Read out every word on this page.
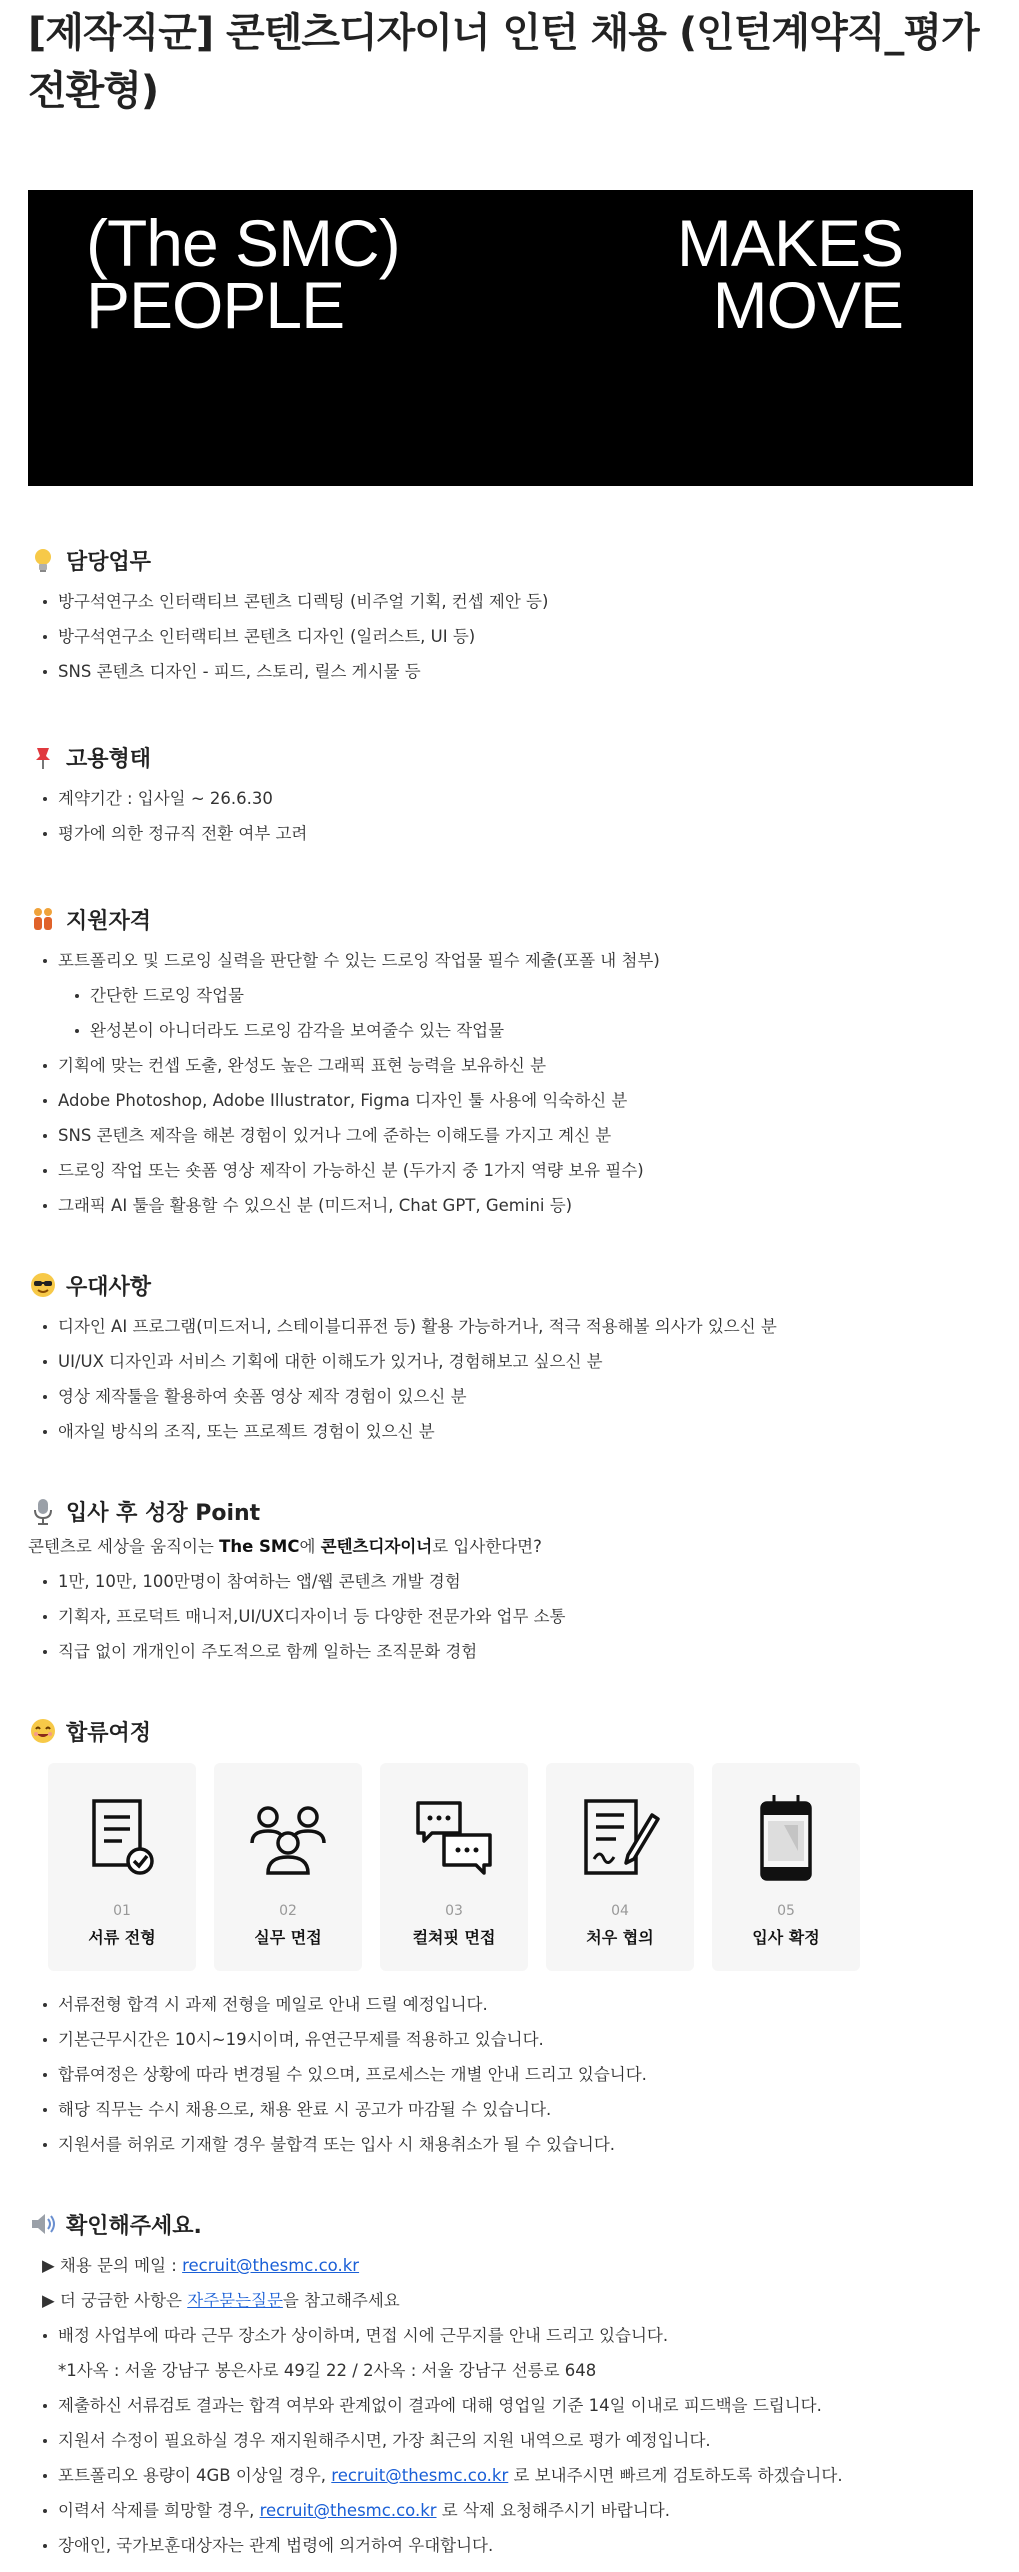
[제작직군] 콘텐츠디자이너 인턴 채용 (인턴계약직_평가전환형)
(The SMC)
PEOPLE
MAKES
MOVE
담당업무
방구석연구소 인터랙티브 콘텐츠 디렉팅 (비주얼 기획, 컨셉 제안 등)
방구석연구소 인터랙티브 콘텐츠 디자인 (일러스트, UI 등)
SNS 콘텐츠 디자인 - 피드, 스토리, 릴스 게시물 등
고용형태
계약기간 : 입사일 ~ 26.6.30
평가에 의한 정규직 전환 여부 고려
지원자격
포트폴리오 및 드로잉 실력을 판단할 수 있는 드로잉 작업물 필수 제출(포폴 내 첨부)
간단한 드로잉 작업물
완성본이 아니더라도 드로잉 감각을 보여줄수 있는 작업물
기획에 맞는 컨셉 도출, 완성도 높은 그래픽 표현 능력을 보유하신 분
Adobe Photoshop, Adobe Illustrator, Figma 디자인 툴 사용에 익숙하신 분
SNS 콘텐츠 제작을 해본 경험이 있거나 그에 준하는 이해도를 가지고 계신 분
드로잉 작업 또는 숏폼 영상 제작이 가능하신 분 (두가지 중 1가지 역량 보유 필수)
그래픽 AI 툴을 활용할 수 있으신 분 (미드저니, Chat GPT, Gemini 등)
우대사항
디자인 AI 프로그램(미드저니, 스테이블디퓨전 등) 활용 가능하거나, 적극 적용해볼 의사가 있으신 분
UI/UX 디자인과 서비스 기획에 대한 이해도가 있거나, 경험해보고 싶으신 분
영상 제작툴을 활용하여 숏폼 영상 제작 경험이 있으신 분
애자일 방식의 조직, 또는 프로젝트 경험이 있으신 분
입사 후 성장 Point
콘텐츠로 세상을 움직이는 The SMC에 콘텐츠디자이너로 입사한다면?
1만, 10만, 100만명이 참여하는 앱/웹 콘텐츠 개발 경험
기획자, 프로덕트 매니저,UI/UX디자이너 등 다양한 전문가와 업무 소통
직급 없이 개개인이 주도적으로 함께 일하는 조직문화 경험
합류여정
01
서류 전형
02
실무 면접
03
컬쳐핏 면접
04
처우 협의
05
입사 확정
서류전형 합격 시 과제 전형을 메일로 안내 드릴 예정입니다.
기본근무시간은 10시~19시이며, 유연근무제를 적용하고 있습니다.
합류여정은 상황에 따라 변경될 수 있으며, 프로세스는 개별 안내 드리고 있습니다.
해당 직무는 수시 채용으로, 채용 완료 시 공고가 마감될 수 있습니다.
지원서를 허위로 기재할 경우 불합격 또는 입사 시 채용취소가 될 수 있습니다.
확인해주세요.
▶ 채용 문의 메일 : recruit@thesmc.co.kr
▶ 더 궁금한 사항은 자주묻는질문을 참고해주세요
배정 사업부에 따라 근무 장소가 상이하며, 면접 시에 근무지를 안내 드리고 있습니다.
*1사옥 : 서울 강남구 봉은사로 49길 22 / 2사옥 : 서울 강남구 선릉로 648
제출하신 서류검토 결과는 합격 여부와 관계없이 결과에 대해 영업일 기준 14일 이내로 피드백을 드립니다.
지원서 수정이 필요하실 경우 재지원해주시면, 가장 최근의 지원 내역으로 평가 예정입니다.
포트폴리오 용량이 4GB 이상일 경우, recruit@thesmc.co.kr 로 보내주시면 빠르게 검토하도록 하겠습니다.
이력서 삭제를 희망할 경우, recruit@thesmc.co.kr 로 삭제 요청해주시기 바랍니다.
장애인, 국가보훈대상자는 관계 법령에 의거하여 우대합니다.
